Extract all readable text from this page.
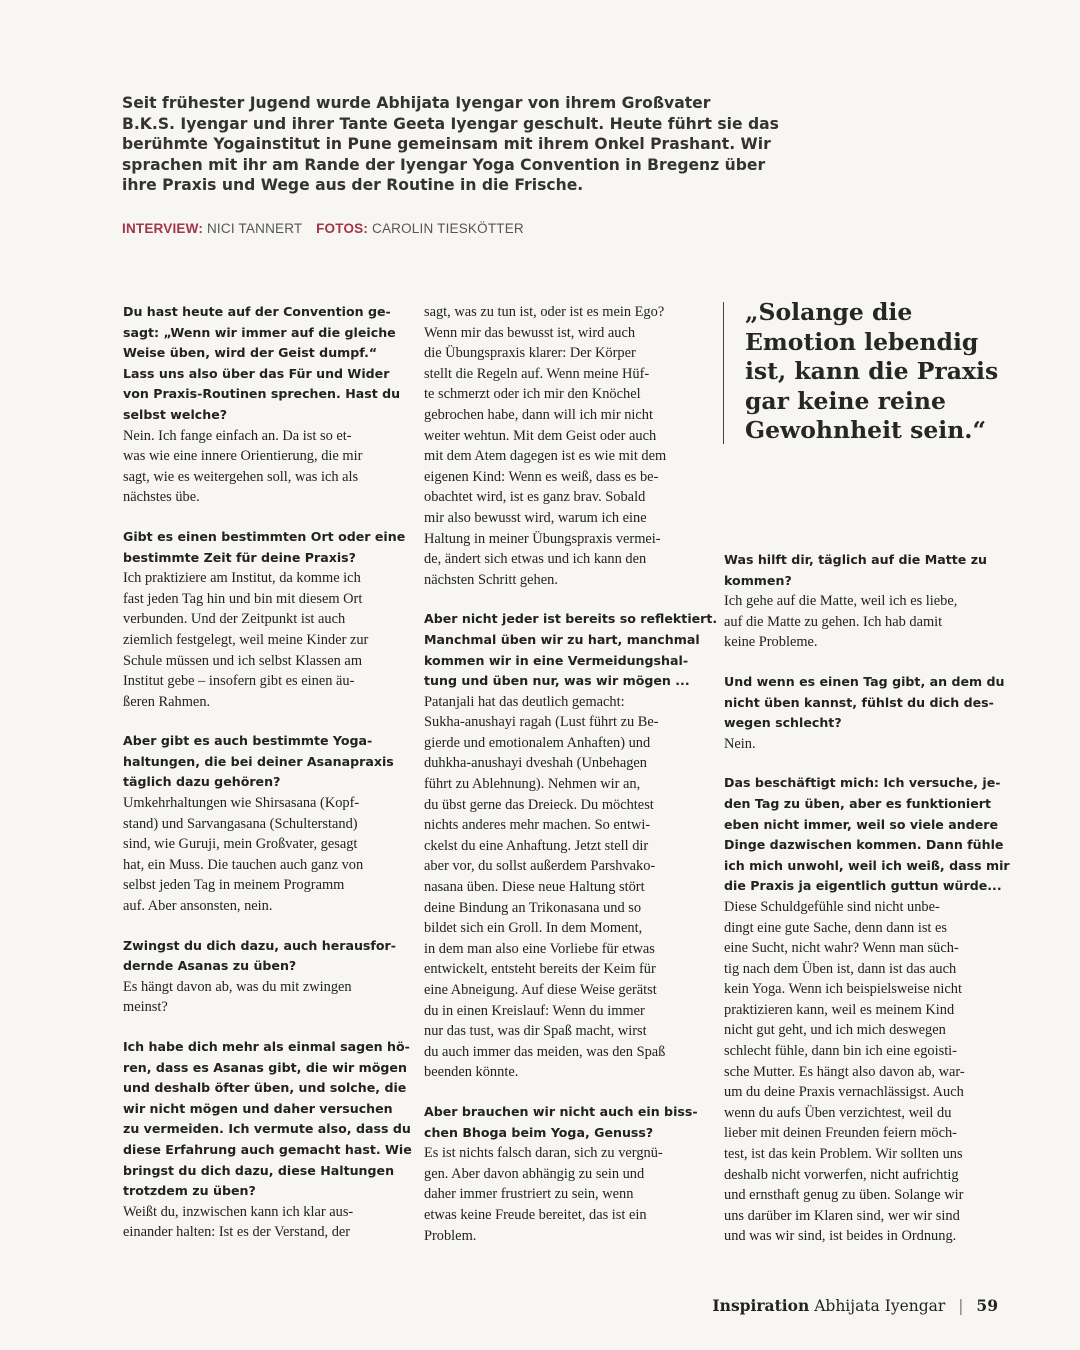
Seit frühester Jugend wurde Abhijata Iyengar von ihrem Großvater
B.K.S. Iyengar und ihrer Tante Geeta Iyengar geschult. Heute führt sie das
berühmte Yogainstitut in Pune gemeinsam mit ihrem Onkel Prashant. Wir
sprachen mit ihr am Rande der Iyengar Yoga Convention in Bregenz über
ihre Praxis und Wege aus der Routine in die Frische.

INTERVIEW: NICI TANNERT FOTOS: CAROLIN TIESKÖTTER

Du hast heute auf der Convention ge-
sagt: „Wenn wir immer auf die gleiche
Weise üben, wird der Geist dumpf.“
Lass uns also über das Für und Wider
von Praxis-Routinen sprechen. Hast du
selbst welche?

Nein. Ich fange einfach an. Da ist so et-
was wie eine innere Orientierung, die mir
sagt, wie es weitergehen soll, was ich als
nächstes übe.

Gibt es einen bestimmten Ort oder eine
bestimmte Zeit für deine Praxis?

Ich praktiziere am Institut, da komme ich
fast jeden Tag hin und bin mit diesem Ort
verbunden. Und der Zeitpunkt ist auch
ziemlich festgelegt, weil meine Kinder zur
Schule müssen und ich selbst Klassen am
Institut gebe – insofern gibt es einen äu-
ßeren Rahmen.

Aber gibt es auch bestimmte Yoga-
haltungen, die bei deiner Asanapraxis
täglich dazu gehören?

Umkehrhaltungen wie Shirsasana (Kopf-
stand) und Sarvangasana (Schulterstand)
sind, wie Guruji, mein Großvater, gesagt
hat, ein Muss. Die tauchen auch ganz von
selbst jeden Tag in meinem Programm
auf. Aber ansonsten, nein.

Zwingst du dich dazu, auch herausfor-
dernde Asanas zu üben?

Es hängt davon ab, was du mit zwingen
meinst?

Ich habe dich mehr als einmal sagen hö-
ren, dass es Asanas gibt, die wir mögen
und deshalb öfter üben, und solche, die
wir nicht mögen und daher versuchen
zu vermeiden. Ich vermute also, dass du
diese Erfahrung auch gemacht hast. Wie
bringst du dich dazu, diese Haltungen
trotzdem zu üben?

Weißt du, inzwischen kann ich klar aus-
einander halten: Ist es der Verstand, der

sagt, was zu tun ist, oder ist es mein Ego?
Wenn mir das bewusst ist, wird auch
die Übungspraxis klarer: Der Körper
stellt die Regeln auf. Wenn meine Hüf-
te schmerzt oder ich mir den Knöchel
gebrochen habe, dann will ich mir nicht
weiter wehtun. Mit dem Geist oder auch
mit dem Atem dagegen ist es wie mit dem
eigenen Kind: Wenn es weiß, dass es be-
obachtet wird, ist es ganz brav. Sobald
mir also bewusst wird, warum ich eine
Haltung in meiner Übungspraxis vermei-
de, ändert sich etwas und ich kann den
nächsten Schritt gehen.

Aber nicht jeder ist bereits so reflektiert.
Manchmal üben wir zu hart, manchmal
kommen wir in eine Vermeidungshal-
tung und üben nur, was wir mögen ...

Patanjali hat das deutlich gemacht:
Sukha-anushayi ragah (Lust führt zu Be-
gierde und emotionalem Anhaften) und
duhkha-anushayi dveshah (Unbehagen
führt zu Ablehnung). Nehmen wir an,
du übst gerne das Dreieck. Du möchtest
nichts anderes mehr machen. So entwi-
ckelst du eine Anhaftung. Jetzt stell dir
aber vor, du sollst außerdem Parshvako-
nasana üben. Diese neue Haltung stört
deine Bindung an Trikonasana und so
bildet sich ein Groll. In dem Moment,
in dem man also eine Vorliebe für etwas
entwickelt, entsteht bereits der Keim für
eine Abneigung. Auf diese Weise gerätst
du in einen Kreislauf: Wenn du immer
nur das tust, was dir Spaß macht, wirst
du auch immer das meiden, was den Spaß
beenden könnte.

Aber brauchen wir nicht auch ein biss-
chen Bhoga beim Yoga, Genuss?

Es ist nichts falsch daran, sich zu vergnü-
gen. Aber davon abhängig zu sein und
daher immer frustriert zu sein, wenn
etwas keine Freude bereitet, das ist ein
Problem.

Was hilft dir, täglich auf die Matte zu
kommen?

Ich gehe auf die Matte, weil ich es liebe,
auf die Matte zu gehen. Ich hab damit
keine Probleme.

Und wenn es einen Tag gibt, an dem du
nicht üben kannst, fühlst du dich des-
wegen schlecht?

Nein.

Das beschäftigt mich: Ich versuche, je-
den Tag zu üben, aber es funktioniert
eben nicht immer, weil so viele andere
Dinge dazwischen kommen. Dann fühle
ich mich unwohl, weil ich weiß, dass mir
die Praxis ja eigentlich guttun würde...

Diese Schuldgefühle sind nicht unbe-
dingt eine gute Sache, denn dann ist es
eine Sucht, nicht wahr? Wenn man süch-
tig nach dem Üben ist, dann ist das auch
kein Yoga. Wenn ich beispielsweise nicht
praktizieren kann, weil es meinem Kind
nicht gut geht, und ich mich deswegen
schlecht fühle, dann bin ich eine egoisti-
sche Mutter. Es hängt also davon ab, war-
um du deine Praxis vernachlässigst. Auch
wenn du aufs Üben verzichtest, weil du
lieber mit deinen Freunden feiern möch-
test, ist das kein Problem. Wir sollten uns
deshalb nicht vorwerfen, nicht aufrichtig
und ernsthaft genug zu üben. Solange wir
uns darüber im Klaren sind, wer wir sind
und was wir sind, ist beides in Ordnung.

„Solange die
Emotion lebendig
ist, kann die Praxis
gar keine reine
Gewohnheit sein.“

Inspiration Abhijata Iyengar | 59
